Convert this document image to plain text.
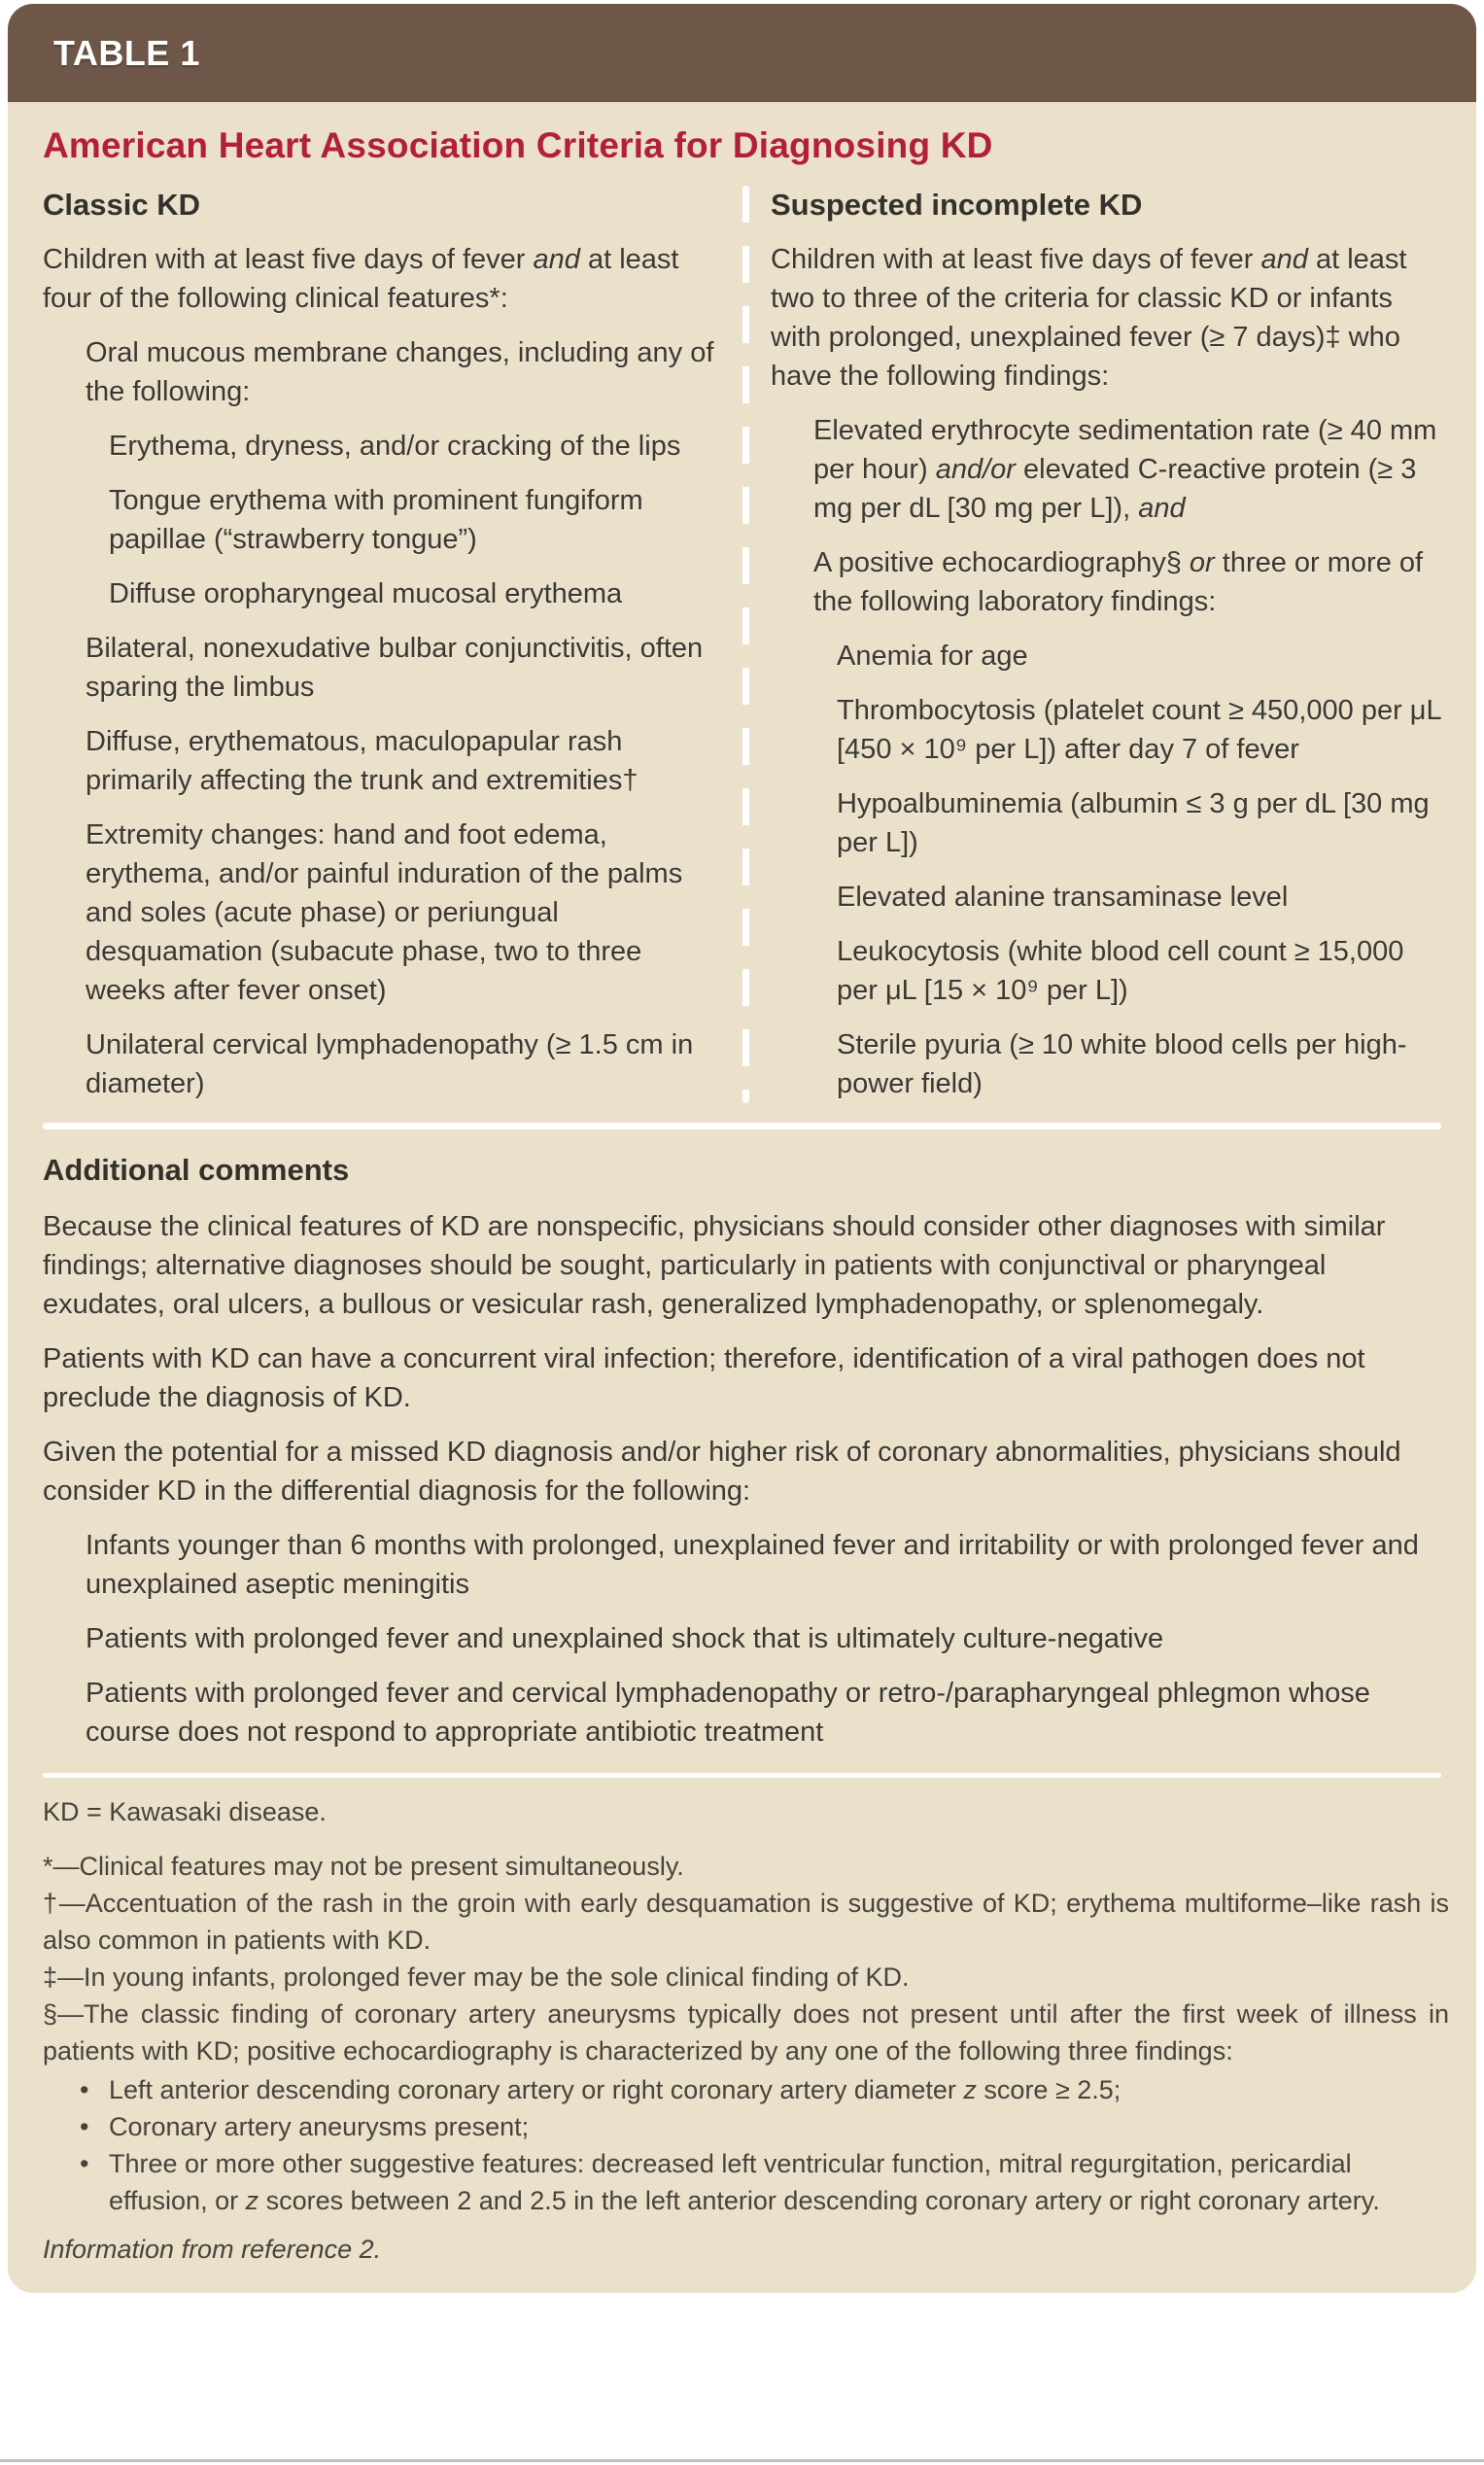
TABLE 1
American Heart Association Criteria for Diagnosing KD
Classic KD

Children with at least five days of fever and at least four of the following clinical features*:

Oral mucous membrane changes, including any of the following:

Erythema, dryness, and/or cracking of the lips

Tongue erythema with prominent fungiform papillae (“strawberry tongue”)

Diffuse oropharyngeal mucosal erythema

Bilateral, nonexudative bulbar conjunctivitis, often sparing the limbus

Diffuse, erythematous, maculopapular rash primarily affecting the trunk and extremities†

Extremity changes: hand and foot edema, erythema, and/or painful induration of the palms and soles (acute phase) or periungual desquamation (subacute phase, two to three weeks after fever onset)

Unilateral cervical lymphadenopathy (≥ 1.5 cm in diameter)

Suspected incomplete KD

Children with at least five days of fever and at least two to three of the criteria for classic KD or infants with prolonged, unexplained fever (≥ 7 days)‡ who have the following findings:

Elevated erythrocyte sedimentation rate (≥ 40 mm per hour) and/or elevated C-reactive protein (≥ 3 mg per dL [30 mg per L]), and

A positive echocardiography§ or three or more of the following laboratory findings:

Anemia for age

Thrombocytosis (platelet count ≥ 450,000 per μL [450 × 10⁹ per L]) after day 7 of fever

Hypoalbuminemia (albumin ≤ 3 g per dL [30 mg per L])

Elevated alanine transaminase level

Leukocytosis (white blood cell count ≥ 15,000 per μL [15 × 10⁹ per L])

Sterile pyuria (≥ 10 white blood cells per high-power field)

Additional comments

Because the clinical features of KD are nonspecific, physicians should consider other diagnoses with similar findings; alternative diagnoses should be sought, particularly in patients with conjunctival or pharyngeal exudates, oral ulcers, a bullous or vesicular rash, generalized lymphadenopathy, or splenomegaly.

Patients with KD can have a concurrent viral infection; therefore, identification of a viral pathogen does not preclude the diagnosis of KD.

Given the potential for a missed KD diagnosis and/or higher risk of coronary abnormalities, physicians should consider KD in the differential diagnosis for the following:

Infants younger than 6 months with prolonged, unexplained fever and irritability or with prolonged fever and unexplained aseptic meningitis

Patients with prolonged fever and unexplained shock that is ultimately culture-negative

Patients with prolonged fever and cervical lymphadenopathy or retro-/parapharyngeal phlegmon whose course does not respond to appropriate antibiotic treatment

KD = Kawasaki disease.

*—Clinical features may not be present simultaneously.

†—Accentuation of the rash in the groin with early desquamation is suggestive of KD; erythema multiforme–like rash is also common in patients with KD.

‡—In young infants, prolonged fever may be the sole clinical finding of KD.

§—The classic finding of coronary artery aneurysms typically does not present until after the first week of illness in patients with KD; positive echocardiography is characterized by any one of the following three findings:

• Left anterior descending coronary artery or right coronary artery diameter z score ≥ 2.5;
• Coronary artery aneurysms present;
• Three or more other suggestive features: decreased left ventricular function, mitral regurgitation, pericardial effusion, or z scores between 2 and 2.5 in the left anterior descending coronary artery or right coronary artery.

Information from reference 2.
